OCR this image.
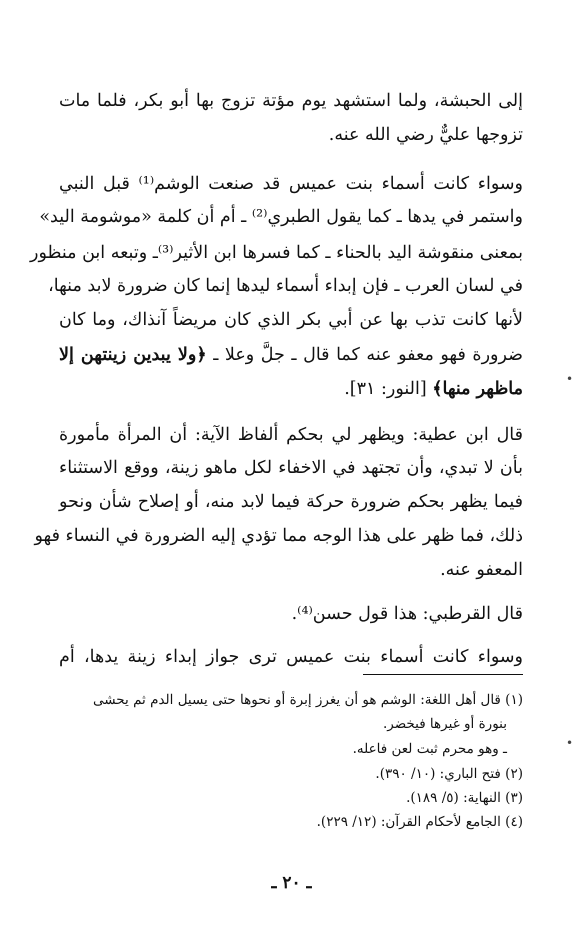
إلى الحبشة، ولما استشهد يوم مؤتة تزوج بها أبو بكر، فلما مات
تزوجها عليٌّ رضي الله عنه.
وسواء كانت أسماء بنت عميس قد صنعت الوشم⁽¹⁾ قبل النبي
واستمر في يدها ـ كما يقول الطبري⁽²⁾ ـ أم أن كلمة «موشومة اليد»
بمعنى منقوشة اليد بالحناء ـ كما فسرها ابن الأثير⁽³⁾ـ وتبعه ابن منظور
في لسان العرب ـ فإن إبداء أسماء ليدها إنما كان ضرورة لابد منها،
لأنها كانت تذب بها عن أبي بكر الذي كان مريضاً آنذاك، وما كان
ضرورة فهو معفو عنه كما قال ـ جلَّ وعلا ـ ﴿ولا يبدين زينتهن إلا
ماظهر منها﴾ [النور: ٣١].
قال ابن عطية: ويظهر لي بحكم ألفاظ الآية: أن المرأة مأمورة
بأن لا تبدي، وأن تجتهد في الاخفاء لكل ماهو زينة، ووقع الاستثناء
فيما يظهر بحكم ضرورة حركة فيما لابد منه، أو إصلاح شأن ونحو
ذلك، فما ظهر على هذا الوجه مما تؤدي إليه الضرورة في النساء فهو
المعفو عنه.
قال القرطبي: هذا قول حسن⁽⁴⁾.
وسواء كانت أسماء بنت عميس ترى جواز إبداء زينة يدها، أم
(١) قال أهل اللغة: الوشم هو أن يغرز إبرة أو نحوها حتى يسيل الدم ثم يحشى
بنورة أو غيرها فيخضر.
ـ وهو محرم ثبت لعن فاعله.
(٢) فتح الباري: (١٠/ ٣٩٠).
(٣) النهاية: (٥/ ١٨٩).
(٤) الجامع لأحكام القرآن: (١٢/ ٢٢٩).
ـ ٢٠ ـ
•
•
